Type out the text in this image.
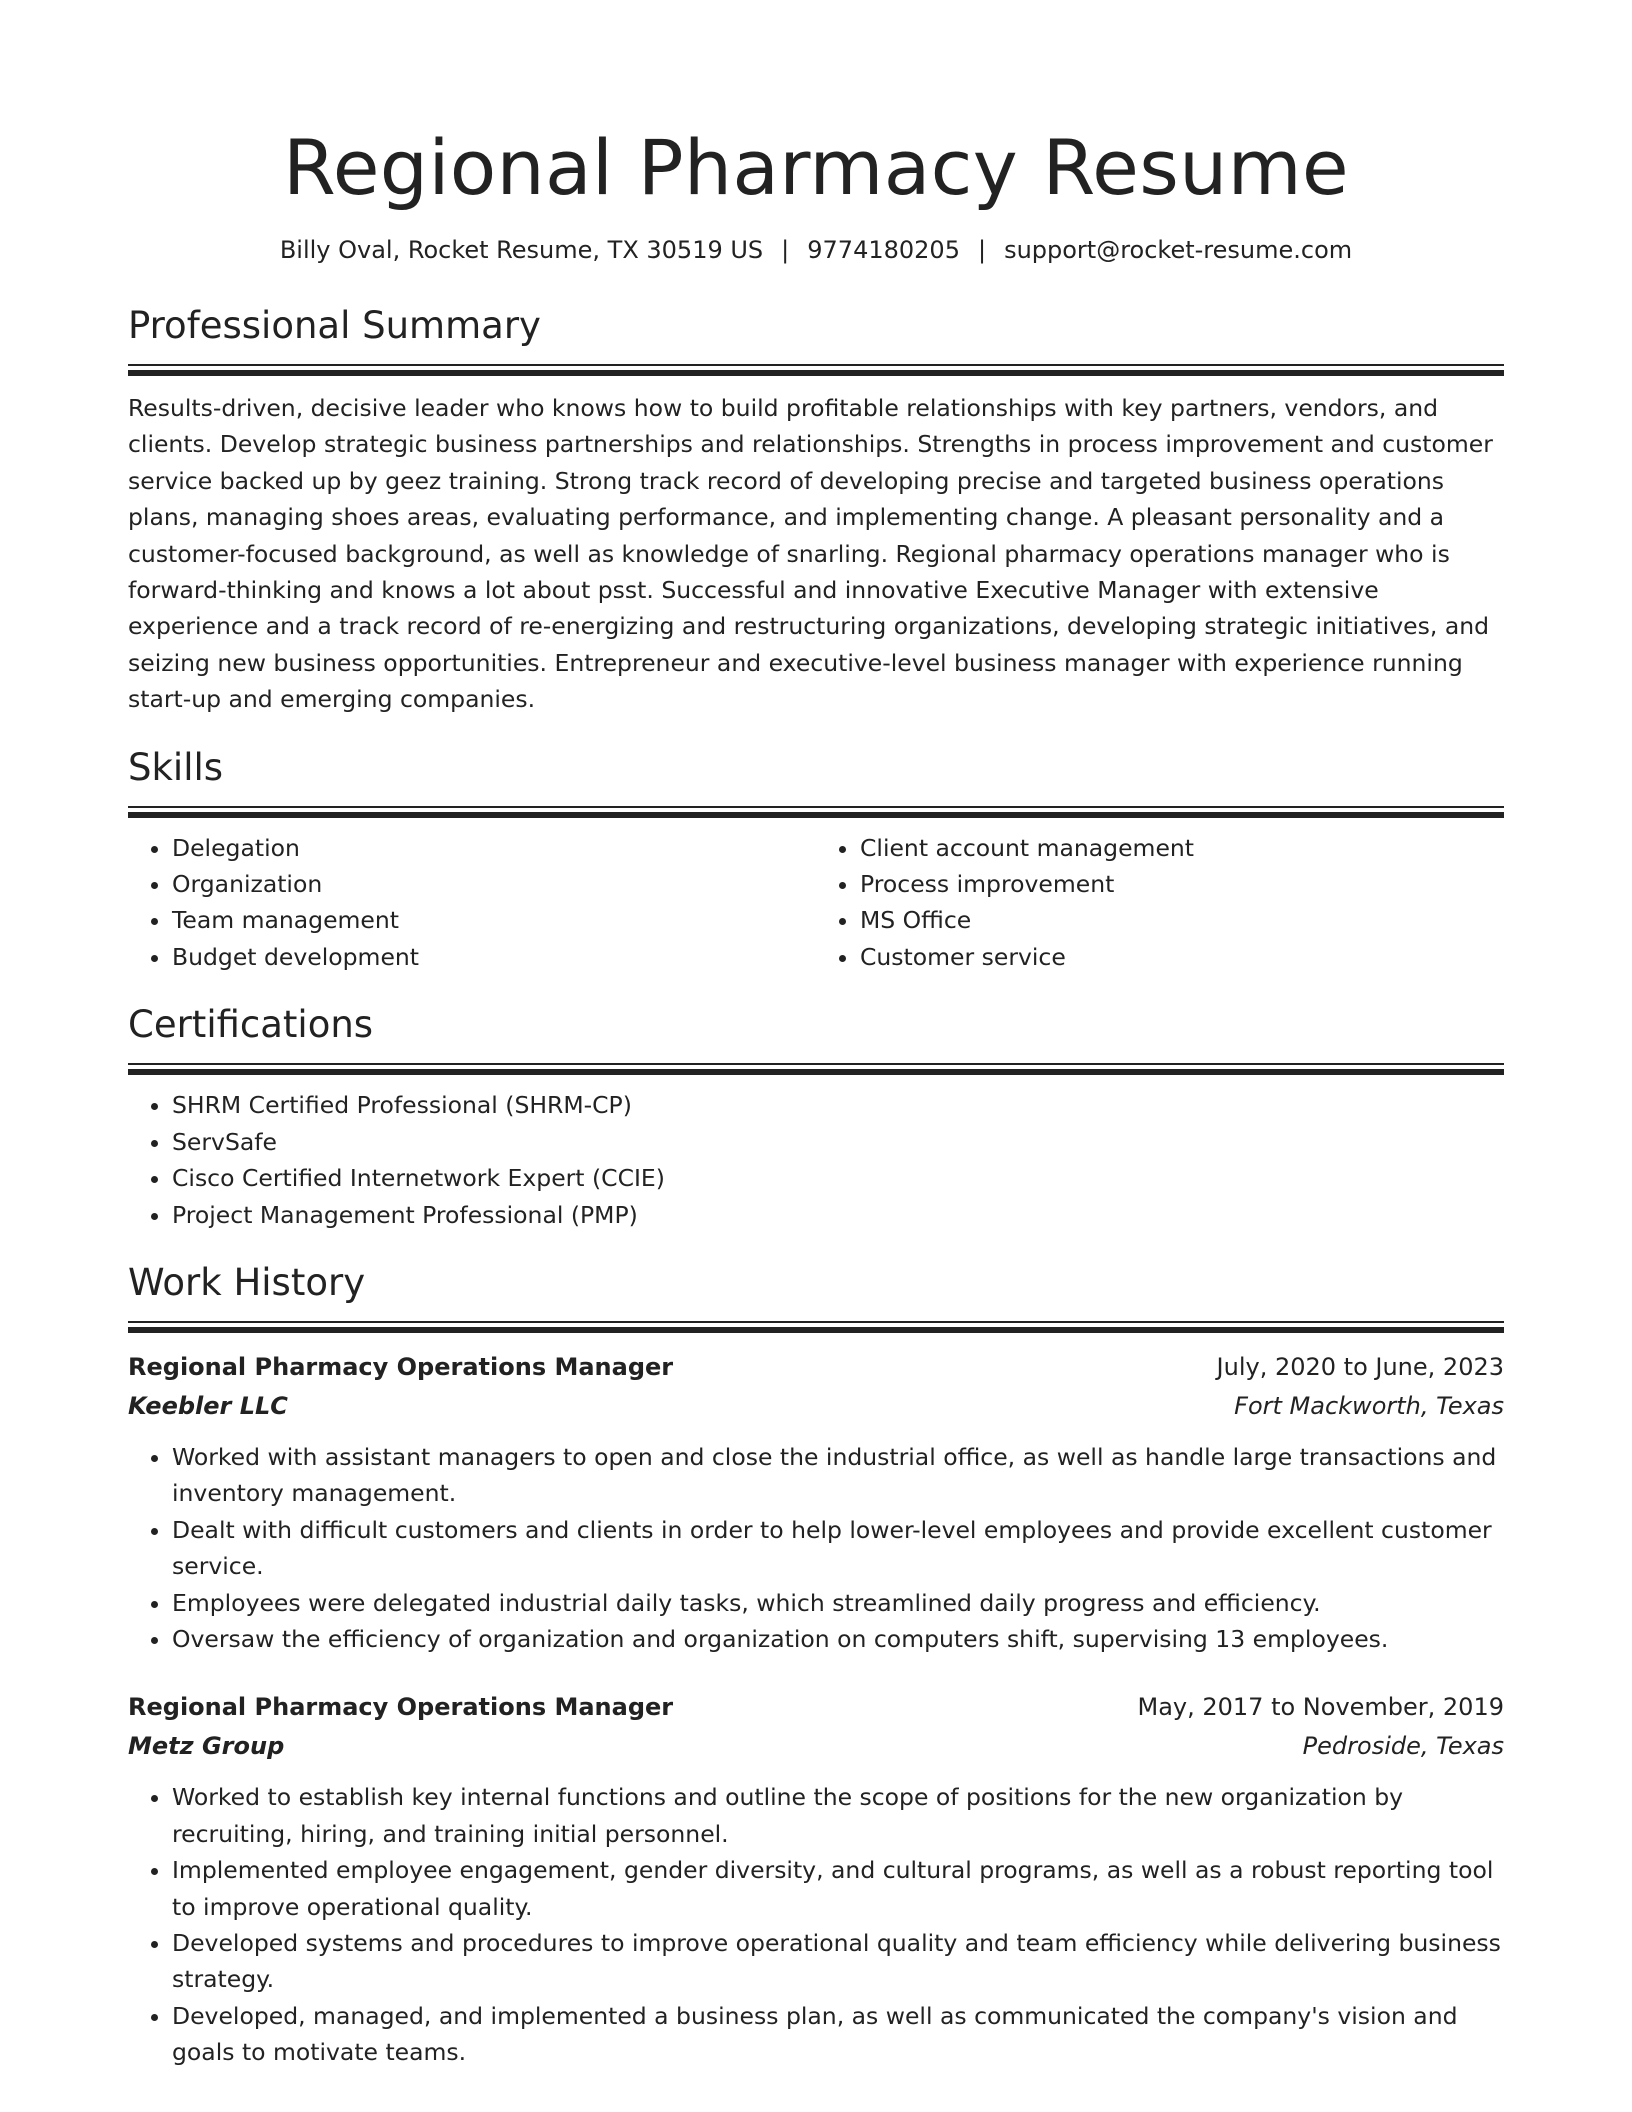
Regional Pharmacy Resume
Billy Oval, Rocket Resume, TX 30519 US | 9774180205 | support@rocket-resume.com
Professional Summary

Results-driven, decisive leader who knows how to build profitable relationships with key partners, vendors, and clients. Develop strategic business partnerships and relationships. Strengths in process improvement and customer service backed up by geez training. Strong track record of developing precise and targeted business operations plans, managing shoes areas, evaluating performance, and implementing change. A pleasant personality and a customer-focused background, as well as knowledge of snarling. Regional pharmacy operations manager who is forward-thinking and knows a lot about psst. Successful and innovative Executive Manager with extensive experience and a track record of re-energizing and restructuring organizations, developing strategic initiatives, and seizing new business opportunities. Entrepreneur and executive-level business manager with experience running start-up and emerging companies.

Skills
• Delegation
• Organization
• Team management
• Budget development
• Client account management
• Process improvement
• MS Office
• Customer service
Certifications
• SHRM Certified Professional (SHRM-CP)
• ServSafe
• Cisco Certified Internetwork Expert (CCIE)
• Project Management Professional (PMP)
Work History
Regional Pharmacy Operations Manager	July, 2020 to June, 2023
Keebler LLC	Fort Mackworth, Texas
• Worked with assistant managers to open and close the industrial office, as well as handle large transactions and inventory management.
• Dealt with difficult customers and clients in order to help lower-level employees and provide excellent customer service.
• Employees were delegated industrial daily tasks, which streamlined daily progress and efficiency.
• Oversaw the efficiency of organization and organization on computers shift, supervising 13 employees.
Regional Pharmacy Operations Manager	May, 2017 to November, 2019
Metz Group	Pedroside, Texas
• Worked to establish key internal functions and outline the scope of positions for the new organization by recruiting, hiring, and training initial personnel.
• Implemented employee engagement, gender diversity, and cultural programs, as well as a robust reporting tool to improve operational quality.
• Developed systems and procedures to improve operational quality and team efficiency while delivering business strategy.
• Developed, managed, and implemented a business plan, as well as communicated the company's vision and goals to motivate teams.
